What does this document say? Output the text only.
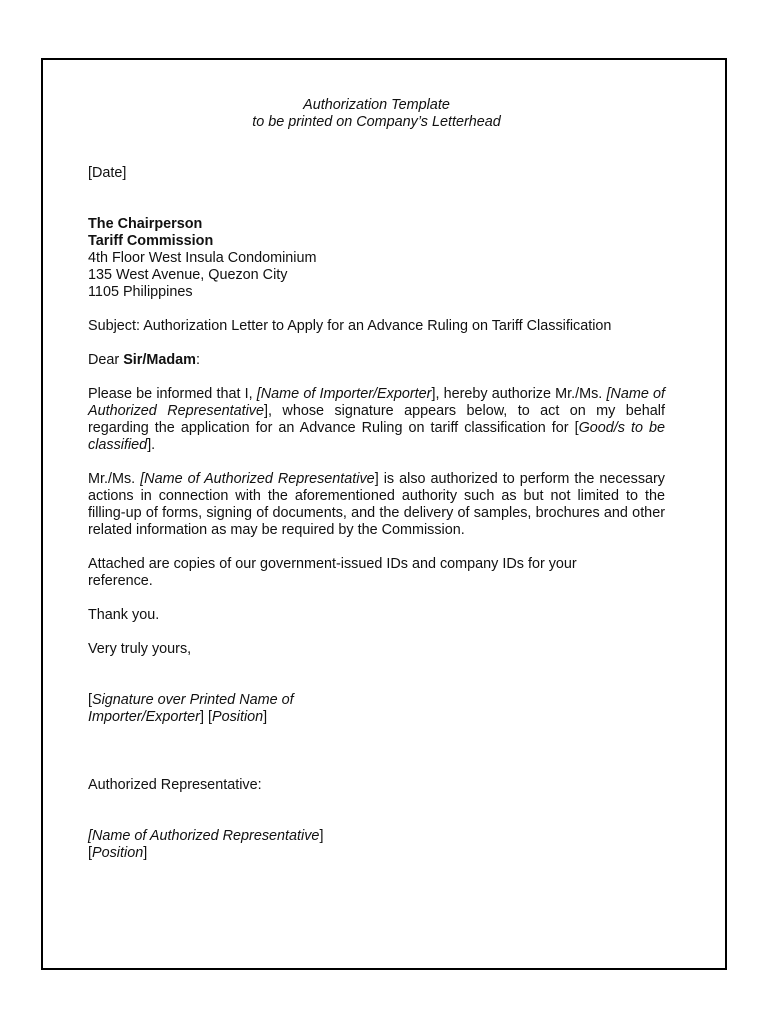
Authorization Template
to be printed on Company’s Letterhead

[Date]

The Chairperson
Tariff Commission
4th Floor West Insula Condominium
135 West Avenue, Quezon City
1105 Philippines

Subject: Authorization Letter to Apply for an Advance Ruling on Tariff Classification

Dear Sir/Madam:

Please be informed that I, [Name of Importer/Exporter], hereby authorize Mr./Ms. [Name of Authorized Representative], whose signature appears below, to act on my behalf regarding the application for an Advance Ruling on tariff classification for [Good/s to be classified].

Mr./Ms. [Name of Authorized Representative] is also authorized to perform the necessary actions in connection with the aforementioned authority such as but not limited to the filling-up of forms, signing of documents, and the delivery of samples, brochures and other related information as may be required by the Commission.

Attached are copies of our government-issued IDs and company IDs for your
reference.

Thank you.

Very truly yours,

[Signature over Printed Name of
Importer/Exporter] [Position]

Authorized Representative:

[Name of Authorized Representative]
[Position]
